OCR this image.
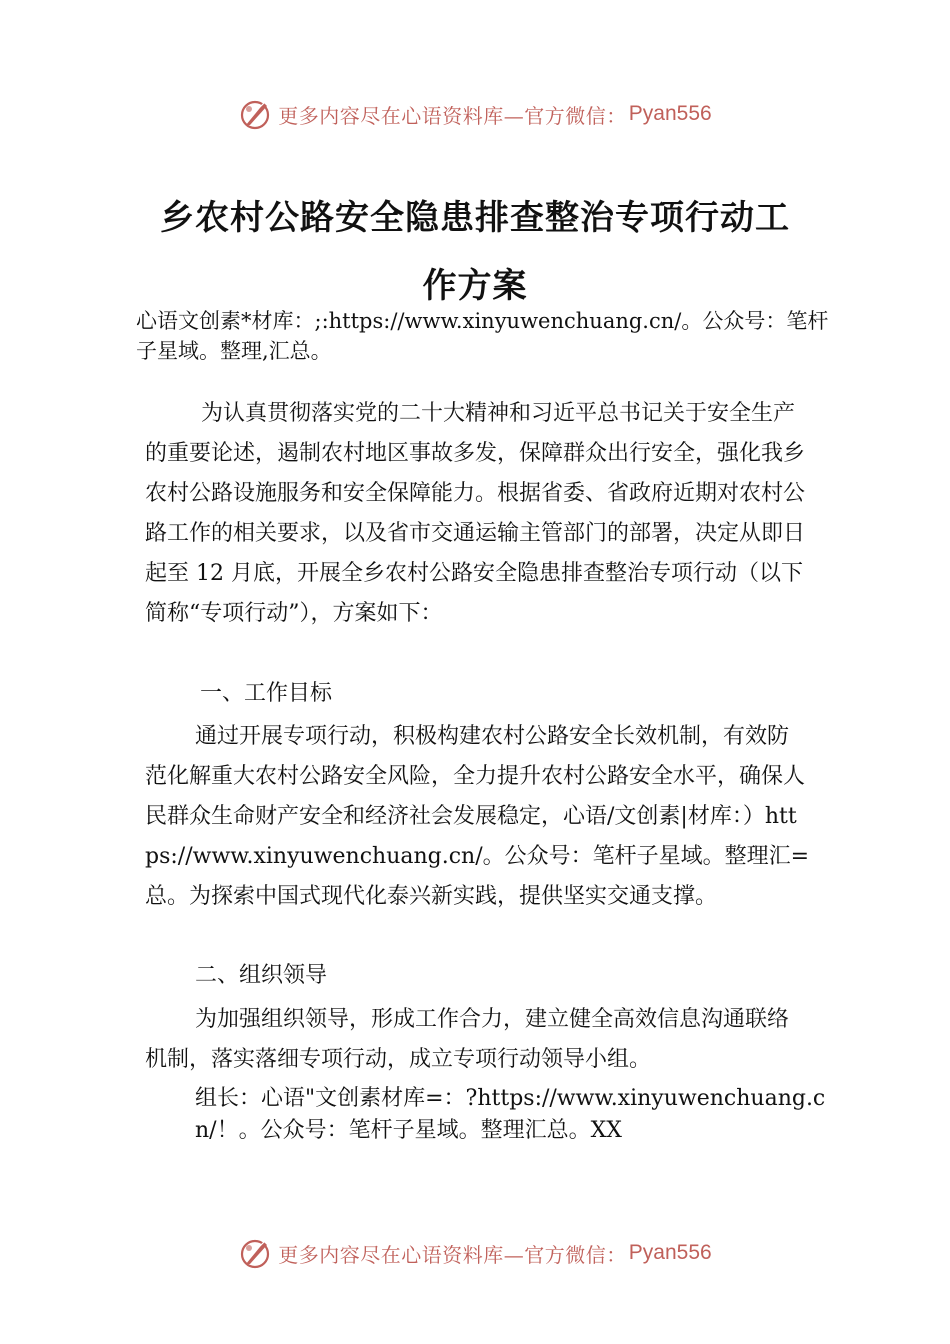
更多内容尽在心语资料库—官方微信： Pyan556
乡农村公路安全隐患排查整治专项行动工
作方案
心语文创素*材库：;:https://www.xinyuwenchuang.cn/。公众号：笔杆子星域。整理,汇总。
为认真贯彻落实党的二十大精神和习近平总书记关于安全生产的重要论述，遏制农村地区事故多发，保障群众出行安全，强化我乡农村公路设施服务和安全保障能力。根据省委、省政府近期对农村公路工作的相关要求，以及省市交通运输主管部门的部署，决定从即日起至 12 月底，开展全乡农村公路安全隐患排查整治专项行动（以下简称“专项行动”），方案如下：
一、工作目标
通过开展专项行动，积极构建农村公路安全长效机制，有效防范化解重大农村公路安全风险，全力提升农村公路安全水平，确保人民群众生命财产安全和经济社会发展稳定，心语/文创素|材库：）https://www.xinyuwenchuang.cn/。公众号：笔杆子星域。整理汇=总。为探索中国式现代化泰兴新实践，提供坚实交通支撑。
二、组织领导
为加强组织领导，形成工作合力，建立健全高效信息沟通联络机制，落实落细专项行动，成立专项行动领导小组。
组长：心语"文创素材库=：?https://www.xinyuwenchuang.cn/！。公众号：笔杆子星域。整理汇总。XX
更多内容尽在心语资料库—官方微信： Pyan556
